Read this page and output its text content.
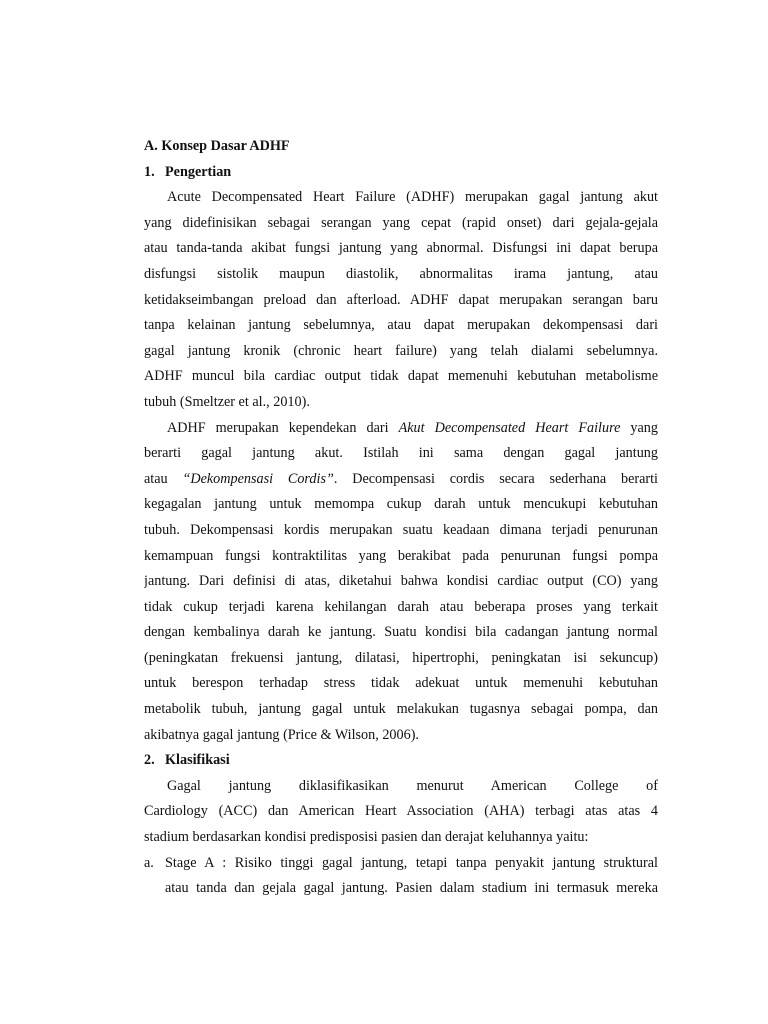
A. Konsep Dasar ADHF
1. Pengertian
Acute Decompensated Heart Failure (ADHF) merupakan gagal jantung akut
yang didefinisikan sebagai serangan yang cepat (rapid onset) dari gejala-gejala
atau tanda-tanda akibat fungsi jantung yang abnormal. Disfungsi ini dapat berupa
disfungsi sistolik maupun diastolik, abnormalitas irama jantung, atau
ketidakseimbangan preload dan afterload. ADHF dapat merupakan serangan baru
tanpa kelainan jantung sebelumnya, atau dapat merupakan dekompensasi dari
gagal jantung kronik (chronic heart failure) yang telah dialami sebelumnya.
ADHF muncul bila cardiac output tidak dapat memenuhi kebutuhan metabolisme
tubuh (Smeltzer et al., 2010).
ADHF merupakan kependekan dari Akut Decompensated Heart Failure yang
berarti gagal jantung akut. Istilah ini sama dengan gagal jantung
atau “Dekompensasi Cordis”. Decompensasi cordis secara sederhana berarti
kegagalan jantung untuk memompa cukup darah untuk mencukupi kebutuhan
tubuh. Dekompensasi kordis merupakan suatu keadaan dimana terjadi penurunan
kemampuan fungsi kontraktilitas yang berakibat pada penurunan fungsi pompa
jantung. Dari definisi di atas, diketahui bahwa kondisi cardiac output (CO) yang
tidak cukup terjadi karena kehilangan darah atau beberapa proses yang terkait
dengan kembalinya darah ke jantung. Suatu kondisi bila cadangan jantung normal
(peningkatan frekuensi jantung, dilatasi, hipertrophi, peningkatan isi sekuncup)
untuk berespon terhadap stress tidak adekuat untuk memenuhi kebutuhan
metabolik tubuh, jantung gagal untuk melakukan tugasnya sebagai pompa, dan
akibatnya gagal jantung (Price & Wilson, 2006).
2. Klasifikasi
Gagal jantung diklasifikasikan menurut American College of
Cardiology (ACC) dan American Heart Association (AHA) terbagi atas atas 4
stadium berdasarkan kondisi predisposisi pasien dan derajat keluhannya yaitu:
a. Stage A : Risiko tinggi gagal jantung, tetapi tanpa penyakit jantung struktural
atau tanda dan gejala gagal jantung. Pasien dalam stadium ini termasuk mereka
